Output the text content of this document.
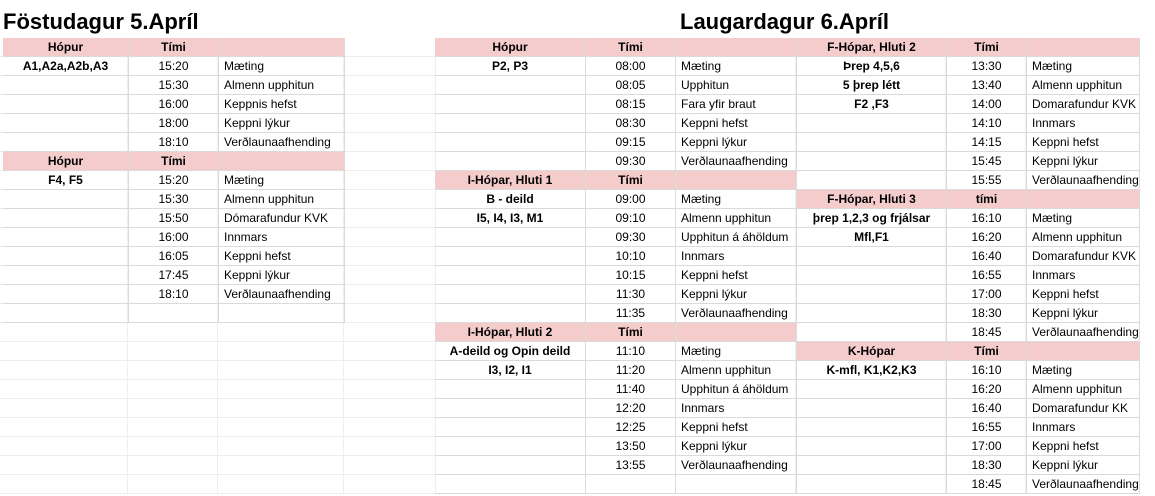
Föstudagur 5.Apríl	Laugardagur 6.Apríl
Hópur	Tími
A1,A2a,A2b,A3	15:20	Mæting
15:30	Almenn upphitun
16:00	Keppnis hefst
18:00	Keppni lýkur
18:10	Verðlaunaafhending
Hópur	Tími
F4, F5	15:20	Mæting
15:30	Almenn upphitun
15:50	Dómarafundur KVK
16:00	Innmars
16:05	Keppni hefst
17:45	Keppni lýkur
18:10	Verðlaunaafhending
Hópur	Tími
P2, P3	08:00	Mæting
08:05	Upphitun
08:15	Fara yfir braut
08:30	Keppni hefst
09:15	Keppni lýkur
09:30	Verðlaunaafhending
I-Hópar, Hluti 1	Tími
B - deild	09:00	Mæting
I5, I4, I3, M1	09:10	Almenn upphitun
09:30	Upphitun á áhöldum
10:10	Innmars
10:15	Keppni hefst
11:30	Keppni lýkur
11:35	Verðlaunaafhending
I-Hópar, Hluti 2	Tími
A-deild og Opin deild	11:10	Mæting
I3, I2, I1	11:20	Almenn upphitun
11:40	Upphitun á áhöldum
12:20	Innmars
12:25	Keppni hefst
13:50	Keppni lýkur
13:55	Verðlaunaafhending
F-Hópar, Hluti 2	Tími
Þrep 4,5,6	13:30	Mæting
5 þrep létt	13:40	Almenn upphitun
F2 ,F3	14:00	Domarafundur KVK
14:10	Innmars
14:15	Keppni hefst
15:45	Keppni lýkur
15:55	Verðlaunaafhending
F-Hópar, Hluti 3	tími
þrep 1,2,3 og frjálsar	16:10	Mæting
Mfl,F1	16:20	Almenn upphitun
16:40	Domarafundur KVK
16:55	Innmars
17:00	Keppni hefst
18:30	Keppni lýkur
18:45	Verðlaunaafhending
K-Hópar	Tími
K-mfl, K1,K2,K3	16:10	Mæting
16:20	Almenn upphitun
16:40	Domarafundur KK
16:55	Innmars
17:00	Keppni hefst
18:30	Keppni lýkur
18:45	Verðlaunaafhending
